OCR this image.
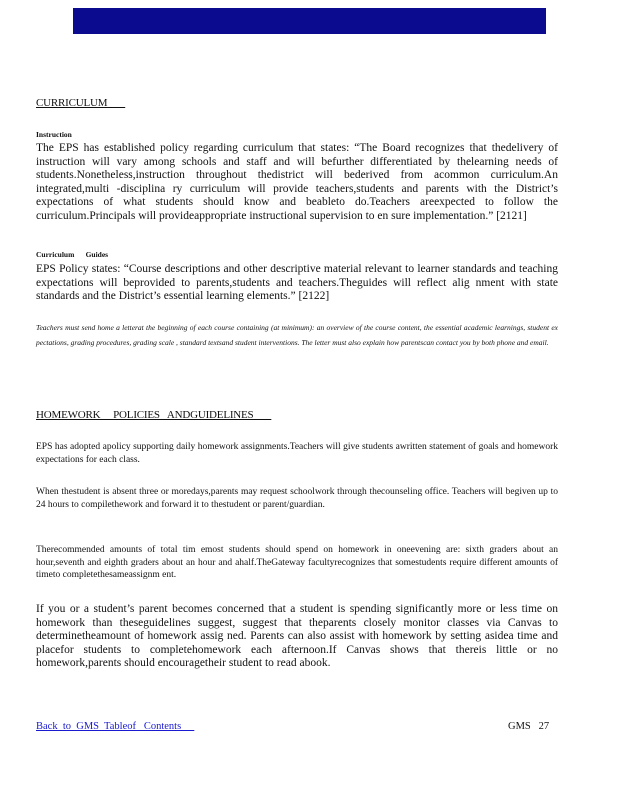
GatewayMiddleSchool        StaffHandbook:       2020     -2021

CURRICULUM
Instruction

The EPS has established policy regarding curriculum that states: “The Board recognizes that thedelivery of instruction will vary among schools and staff and will befurther differentiated by thelearning needs of students.Nonetheless,instruction throughout thedistrict will bederived from acommon curriculum.An integrated,multi -disciplina ry curriculum will provide teachers,students and parents with the District’s expectations of what students should know and beableto do.Teachers areexpected to follow the curriculum.Principals will provideappropriate instructional supervision to en sure implementation.” [2121]

Curriculum      Guides

EPS Policy states: “Course descriptions and other descriptive material relevant to learner standards and teaching expectations will beprovided to parents,students and teachers.Theguides will reflect alig nment with state standards and the District’s essential learning elements.” [2122]

Teachers must send home a letterat the beginning of each course containing (at minimum): an overview of the course content, the essential academic learnings, student ex pectations, grading procedures, grading scale , standard textsand student interventions. The letter must also explain how parentscan contact you by both phone and email.

HOMEWORK     POLICIES   ANDGUIDELINES

EPS has adopted apolicy supporting daily homework assignments.Teachers will give students awritten statement of goals and homework expectations for each class.

When thestudent is absent three or moredays,parents may request schoolwork through thecounseling office. Teachers will begiven up to 24 hours to compilethework and forward it to thestudent or parent/guardian.

Therecommended amounts of total tim emost students should spend on homework in oneevening are: sixth graders about an hour,seventh and eighth graders about an hour and ahalf.TheGateway facultyrecognizes that somestudents require different amounts of timeto completethesameassignm ent.

If you or a student’s parent becomes concerned that a student is spending significantly more or less time on homework than theseguidelines suggest, suggest that theparents closely monitor classes via Canvas to determinetheamount of homework assig ned. Parents can also assist with homework by setting asidea time and placefor students to completehomework each afternoon.If Canvas shows that thereis little or no homework,parents should encouragetheir student to read abook.

Back  to  GMS  Tableof   Contents	GMS   27
